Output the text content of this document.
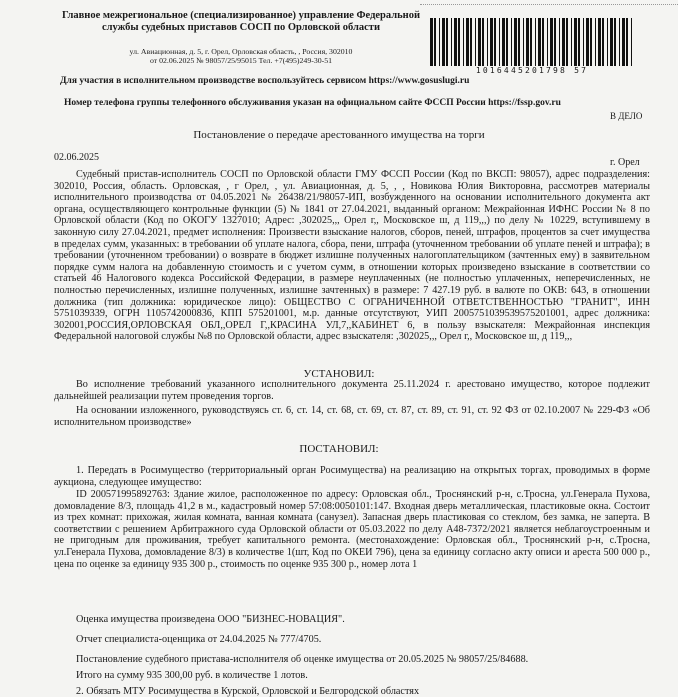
Главное межрегиональное (специализированное) управление Федеральной службы судебных приставов СОСП по Орловской области
ул. Авиационная, д. 5, г. Орел, Орловская область, , Россия, 302010
от 02.06.2025 № 98057/25/95015 Тел. +7(495)249-30-51
1016445201798 57
Для участия в исполнительном производстве воспользуйтесь сервисом https://www.gosuslugi.ru
Номер телефона группы телефонного обслуживания указан на официальном сайте ФССП России https://fssp.gov.ru
В ДЕЛО
Постановление о передаче арестованного имущества на торги
02.06.2025	г. Орел
Судебный пристав-исполнитель СОСП по Орловской области ГМУ ФССП России (Код по ВКСП: 98057), адрес подразделения: 302010, Россия, область. Орловская, , г Орел, , ул. Авиационная, д. 5, , , Новикова Юлия Викторовна, рассмотрев материалы исполнительного производства от 04.05.2021 № 26438/21/98057-ИП, возбужденного на основании исполнительного документа акт органа, осуществляющего контрольные функции (5) № 1841 от 27.04.2021, выданный органом: Межрайонная ИФНС России № 8 по Орловской области (Код по ОКОГУ 1327010; Адрес: ,302025,,, Орел г,, Московское ш, д 119,,,) по делу № 10229, вступившему в законную силу 27.04.2021, предмет исполнения: Произвести взыскание налогов, сборов, пеней, штрафов, процентов за счет имущества в пределах сумм, указанных: в требовании об уплате налога, сбора, пени, штрафа (уточненном требовании об уплате пеней и штрафа); в требовании (уточненном требовании) о возврате в бюджет излишне полученных налогоплательщиком (зачтенных ему) в заявительном порядке сумм налога на добавленную стоимость и с учетом сумм, в отношении которых произведено взыскание в соответствии со статьей 46 Налогового кодекса Российской Федерации, в размере неуплаченных (не полностью уплаченных, неперечисленных, не полностью перечисленных, излишне полученных, излишне зачтенных) в размере: 7 427.19 руб. в валюте по ОКВ: 643, в отношении должника (тип должника: юридическое лицо): ОБЩЕСТВО С ОГРАНИЧЕННОЙ ОТВЕТСТВЕННОСТЬЮ "ГРАНИТ", ИНН 5751039339, ОГРН 1105742000836, КПП 575201001, м.р. данные отсутствуют, УИП 2005751039539575201001, адрес должника: 302001,РОССИЯ,ОРЛОВСКАЯ ОБЛ,,ОРЕЛ Г,,КРАСИНА УЛ,7,,КАБИНЕТ 6, в пользу взыскателя: Межрайонная инспекция Федеральной налоговой службы №8 по Орловской области, адрес взыскателя: ,302025,,, Орел г,, Московское ш, д 119,,,
УСТАНОВИЛ:
Во исполнение требований указанного исполнительного документа 25.11.2024 г. арестовано имущество, которое подлежит дальнейшей реализации путем проведения торгов.
На основании изложенного, руководствуясь ст. 6, ст. 14, ст. 68, ст. 69, ст. 87, ст. 89, ст. 91, ст. 92 ФЗ от 02.10.2007 № 229-ФЗ «Об исполнительном производстве»
ПОСТАНОВИЛ:
1. Передать в Росимущество (территориальный орган Росимущества) на реализацию на открытых торгах, проводимых в форме аукциона, следующее имущество:
ID 200571995892763: Здание жилое, расположенное по адресу: Орловская обл., Троснянский р-н, с.Тросна, ул.Генерала Пухова, домовладение 8/3, площадь 41,2 в м., кадастровый номер 57:08:0050101:147. Входная дверь металлическая, пластиковые окна. Состоит из трех комнат: прихожая, жилая комната, ванная комната (санузел). Запасная дверь пластиковая со стеклом, без замка, не заперта. В соответствии с решением Арбитражного суда Орловской области от 05.03.2022 по делу А48-7372/2021 является неблагоустроенным и не пригодным для проживания, требует капитального ремонта. (местонахождение: Орловская обл., Троснянский р-н, с.Тросна, ул.Генерала Пухова, домовладение 8/3) в количестве 1(шт, Код по ОКЕИ 796), цена за единицу согласно акту описи и ареста 500 000 р., цена по оценке за единицу 935 300 р., стоимость по оценке 935 300 р., номер лота 1
Оценка имущества произведена ООО "БИЗНЕС-НОВАЦИЯ".
Отчет специалиста-оценщика от 24.04.2025 № 777/4705.
Постановление судебного пристава-исполнителя об оценке имущества от 20.05.2025 № 98057/25/84688.
Итого на сумму 935 300,00 руб. в количестве 1 лотов.
2. Обязать МТУ Росимущества в Курской, Орловской и Белгородской областях
